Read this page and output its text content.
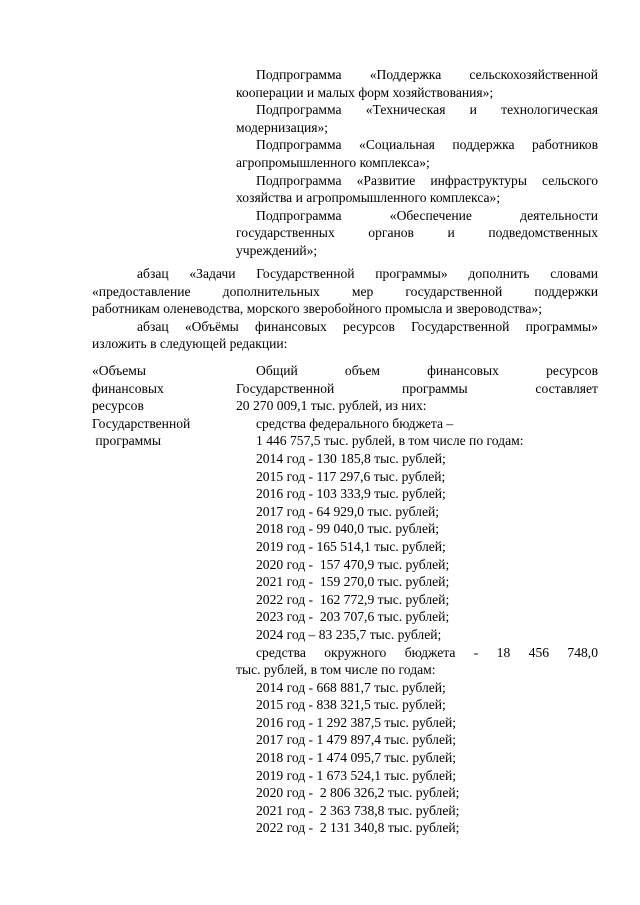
Подпрограмма «Поддержка сельскохозяйственной
кооперации и малых форм хозяйствования»;
Подпрограмма «Техническая и технологическая
модернизация»;
Подпрограмма «Социальная поддержка работников
агропромышленного комплекса»;
Подпрограмма «Развитие инфраструктуры сельского
хозяйства и агропромышленного комплекса»;
Подпрограмма «Обеспечение деятельности
государственных органов и подведомственных
учреждений»;
абзац «Задачи Государственной программы» дополнить словами
«предоставление дополнительных мер государственной поддержки
работникам оленеводства, морского зверобойного промысла и звероводства»;
абзац «Объёмы финансовых ресурсов Государственной программы»
изложить в следующей редакции:
«Объемы
финансовых
ресурсов
Государственной
программы
Общий объем финансовых ресурсов
Государственной программы составляет
20 270 009,1 тыс. рублей, из них:
средства федерального бюджета –
1 446 757,5 тыс. рублей, в том числе по годам:
2014 год - 130 185,8 тыс. рублей;
2015 год - 117 297,6 тыс. рублей;
2016 год - 103 333,9 тыс. рублей;
2017 год - 64 929,0 тыс. рублей;
2018 год - 99 040,0 тыс. рублей;
2019 год - 165 514,1 тыс. рублей;
2020 год -  157 470,9 тыс. рублей;
2021 год -  159 270,0 тыс. рублей;
2022 год -  162 772,9 тыс. рублей;
2023 год -  203 707,6 тыс. рублей;
2024 год – 83 235,7 тыс. рублей;
средства окружного бюджета - 18 456 748,0
тыс. рублей, в том числе по годам:
2014 год - 668 881,7 тыс. рублей;
2015 год - 838 321,5 тыс. рублей;
2016 год - 1 292 387,5 тыс. рублей;
2017 год - 1 479 897,4 тыс. рублей;
2018 год - 1 474 095,7 тыс. рублей;
2019 год - 1 673 524,1 тыс. рублей;
2020 год -  2 806 326,2 тыс. рублей;
2021 год -  2 363 738,8 тыс. рублей;
2022 год -  2 131 340,8 тыс. рублей;
